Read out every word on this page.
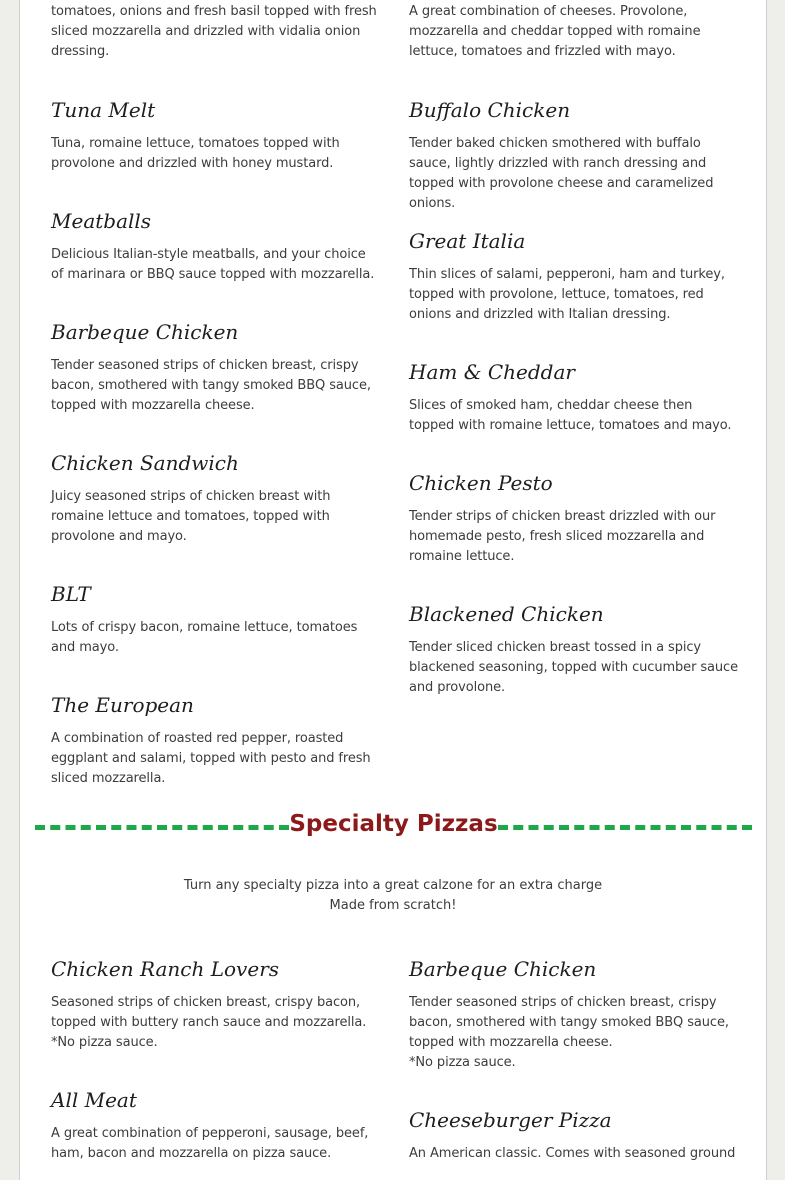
tomatoes, onions and fresh basil topped with fresh sliced mozzarella and drizzled with vidalia onion dressing.

Tuna Melt

Tuna, romaine lettuce, tomatoes topped with provolone and drizzled with honey mustard.

Meatballs

Delicious Italian-style meatballs, and your choice of marinara or BBQ sauce topped with mozzarella.

Barbeque Chicken

Tender seasoned strips of chicken breast, crispy bacon, smothered with tangy smoked BBQ sauce, topped with mozzarella cheese.

Chicken Sandwich

Juicy seasoned strips of chicken breast with romaine lettuce and tomatoes, topped with provolone and mayo.

BLT

Lots of crispy bacon, romaine lettuce, tomatoes and mayo.

The European

A combination of roasted red pepper, roasted eggplant and salami, topped with pesto and fresh sliced mozzarella.

A great combination of cheeses. Provolone, mozzarella and cheddar topped with romaine lettuce, tomatoes and frizzled with mayo.

Buffalo Chicken

Tender baked chicken smothered with buffalo sauce, lightly drizzled with ranch dressing and topped with provolone cheese and caramelized onions.

Great Italia

Thin slices of salami, pepperoni, ham and turkey, topped with provolone, lettuce, tomatoes, red onions and drizzled with Italian dressing.

Ham & Cheddar

Slices of smoked ham, cheddar cheese then topped with romaine lettuce, tomatoes and mayo.

Chicken Pesto

Tender strips of chicken breast drizzled with our homemade pesto, fresh sliced mozzarella and romaine lettuce.

Blackened Chicken

Tender sliced chicken breast tossed in a spicy blackened seasoning, topped with cucumber sauce and provolone.

Specialty Pizzas
Turn any specialty pizza into a great calzone for an extra charge
Made from scratch!

Chicken Ranch Lovers

Seasoned strips of chicken breast, crispy bacon, topped with buttery ranch sauce and mozzarella.

*No pizza sauce.

All Meat

A great combination of pepperoni, sausage, beef, ham, bacon and mozzarella on pizza sauce.

Barbeque Chicken

Tender seasoned strips of chicken breast, crispy bacon, smothered with tangy smoked BBQ sauce, topped with mozzarella cheese.

*No pizza sauce.

Cheeseburger Pizza

An American classic. Comes with seasoned ground
